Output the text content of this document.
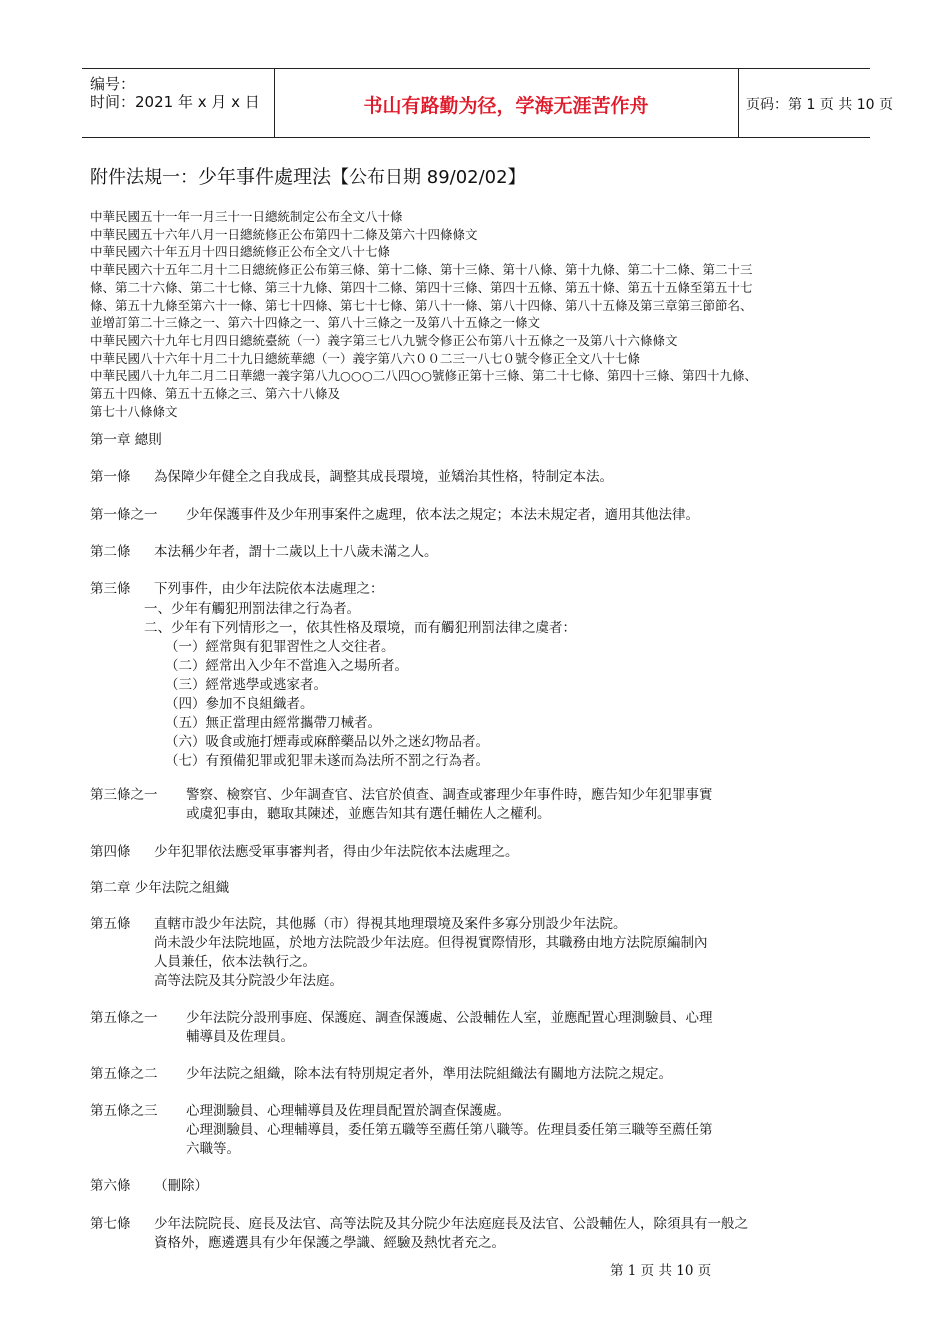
编号：
时间：2021 年 x 月 x 日	书山有路勤为径，学海无涯苦作舟	页码：第 1 页 共 10 页
附件法規一：少年事件處理法【公布日期 89/02/02】
中華民國五十一年一月三十一日總統制定公布全文八十條
中華民國五十六年八月一日總統修正公布第四十二條及第六十四條條文
中華民國六十年五月十四日總統修正公布全文八十七條
中華民國六十五年二月十二日總統修正公布第三條、第十二條、第十三條、第十八條、第十九條、第二十二條、第二十三
條、第二十六條、第二十七條、第三十九條、第四十二條、第四十三條、第四十五條、第五十條、第五十五條至第五十七
條、第五十九條至第六十一條、第七十四條、第七十七條、第八十一條、第八十四條、第八十五條及第三章第三節節名、
並增訂第二十三條之一、第六十四條之一、第八十三條之一及第八十五條之一條文
中華民國六十九年七月四日總統臺統（一）義字第三七八九號令修正公布第八十五條之一及第八十六條條文
中華民國八十六年十月二十九日總統華總（一）義字第八六００二三一八七０號令修正全文八十七條
中華民國八十九年二月二日華總一義字第八九○○○二八四○○號修正第十三條、第二十七條、第四十三條、第四十九條、
第五十四條、第五十五條之三、第六十八條及
第七十八條條文
第一章 總則
第一條 為保障少年健全之自我成長，調整其成長環境，並矯治其性格，特制定本法。
第一條之一 少年保護事件及少年刑事案件之處理，依本法之規定；本法未規定者，適用其他法律。
第二條 本法稱少年者，謂十二歲以上十八歲未滿之人。
第三條 下列事件，由少年法院依本法處理之：
一、少年有觸犯刑罰法律之行為者。
二、少年有下列情形之一，依其性格及環境，而有觸犯刑罰法律之虞者：
（一）經常與有犯罪習性之人交往者。
（二）經常出入少年不當進入之場所者。
（三）經常逃學或逃家者。
（四）參加不良組織者。
（五）無正當理由經常攜帶刀械者。
（六）吸食或施打煙毒或麻醉藥品以外之迷幻物品者。
（七）有預備犯罪或犯罪未遂而為法所不罰之行為者。
第三條之一 警察、檢察官、少年調查官、法官於偵查、調查或審理少年事件時，應告知少年犯罪事實
或虞犯事由，聽取其陳述，並應告知其有選任輔佐人之權利。
第四條 少年犯罪依法應受軍事審判者，得由少年法院依本法處理之。
第二章 少年法院之組織
第五條 直轄市設少年法院，其他縣（市）得視其地理環境及案件多寡分別設少年法院。
尚未設少年法院地區，於地方法院設少年法庭。但得視實際情形，其職務由地方法院原編制內
人員兼任，依本法執行之。
高等法院及其分院設少年法庭。
第五條之一 少年法院分設刑事庭、保護庭、調查保護處、公設輔佐人室，並應配置心理測驗員、心理
輔導員及佐理員。
第五條之二 少年法院之組織，除本法有特別規定者外，準用法院組織法有關地方法院之規定。
第五條之三 心理測驗員、心理輔導員及佐理員配置於調查保護處。
心理測驗員、心理輔導員，委任第五職等至薦任第八職等。佐理員委任第三職等至薦任第
六職等。
第六條 （刪除）
第七條 少年法院院長、庭長及法官、高等法院及其分院少年法庭庭長及法官、公設輔佐人，除須具有一般之
資格外，應遴選具有少年保護之學識、經驗及熱忱者充之。
第 1 页 共 10 页
